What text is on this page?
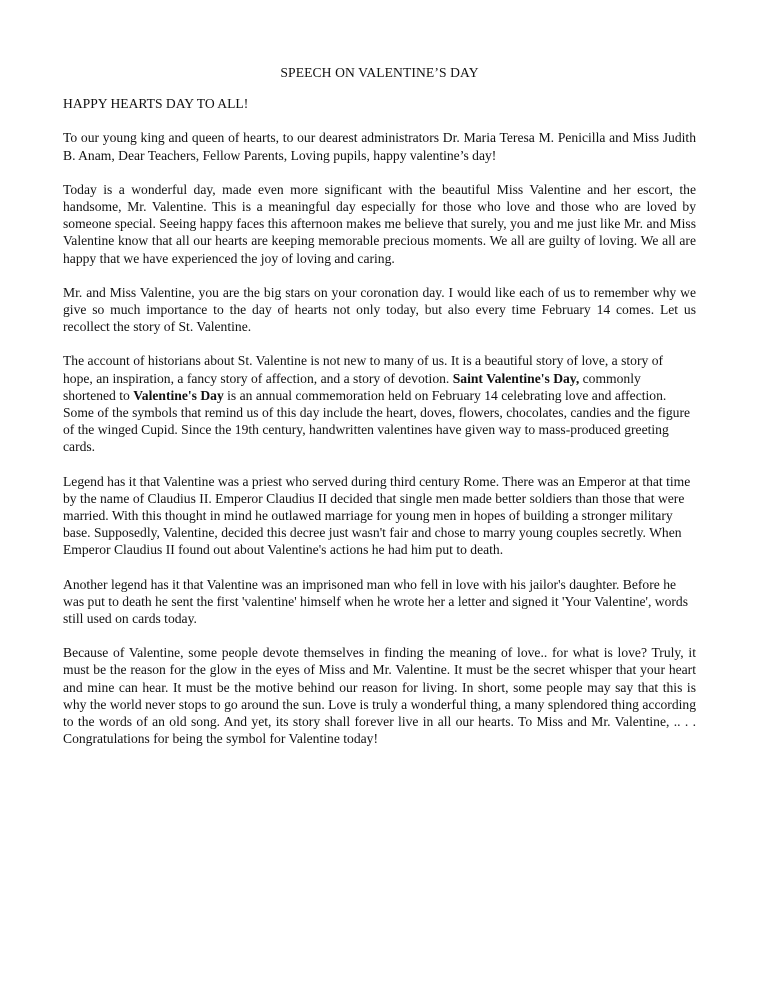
SPEECH ON VALENTINE’S DAY
HAPPY HEARTS DAY TO ALL!

To our young king and queen of hearts, to our dearest administrators Dr. Maria Teresa M. Penicilla and Miss Judith B. Anam, Dear Teachers, Fellow Parents, Loving pupils, happy valentine’s day!

Today is a wonderful day, made even more significant with the beautiful Miss Valentine and her escort, the handsome, Mr. Valentine. This is a meaningful day especially for those who love and those who are loved by someone special. Seeing happy faces this afternoon makes me believe that surely, you and me just like Mr. and Miss Valentine know that all our hearts are keeping memorable precious moments. We all are guilty of loving. We all are happy that we have experienced the joy of loving and caring.

Mr. and Miss Valentine, you are the big stars on your coronation day. I would like each of us to remember why we give so much importance to the day of hearts not only today, but also every time February 14 comes. Let us recollect the story of St. Valentine.

The account of historians about St. Valentine is not new to many of us. It is a beautiful story of love, a story of hope, an inspiration, a fancy story of affection, and a story of devotion. Saint Valentine's Day, commonly shortened to Valentine's Day is an annual commemoration held on February 14 celebrating love and affection. Some of the symbols that remind us of this day include the heart, doves, flowers, chocolates, candies and the figure of the winged Cupid. Since the 19th century, handwritten valentines have given way to mass-produced greeting cards.

Legend has it that Valentine was a priest who served during third century Rome. There was an Emperor at that time by the name of Claudius II. Emperor Claudius II decided that single men made better soldiers than those that were married. With this thought in mind he outlawed marriage for young men in hopes of building a stronger military base. Supposedly, Valentine, decided this decree just wasn't fair and chose to marry young couples secretly. When Emperor Claudius II found out about Valentine's actions he had him put to death.

Another legend has it that Valentine was an imprisoned man who fell in love with his jailor's daughter. Before he was put to death he sent the first 'valentine' himself when he wrote her a letter and signed it 'Your Valentine', words still used on cards today.

Because of Valentine, some people devote themselves in finding the meaning of love.. for what is love? Truly, it must be the reason for the glow in the eyes of Miss and Mr. Valentine. It must be the secret whisper that your heart and mine can hear. It must be the motive behind our reason for living. In short, some people may say that this is why the world never stops to go around the sun. Love is truly a wonderful thing, a many splendored thing according to the words of an old song. And yet, its story shall forever live in all our hearts. To Miss and Mr. Valentine, .. . . Congratulations for being the symbol for Valentine today!
